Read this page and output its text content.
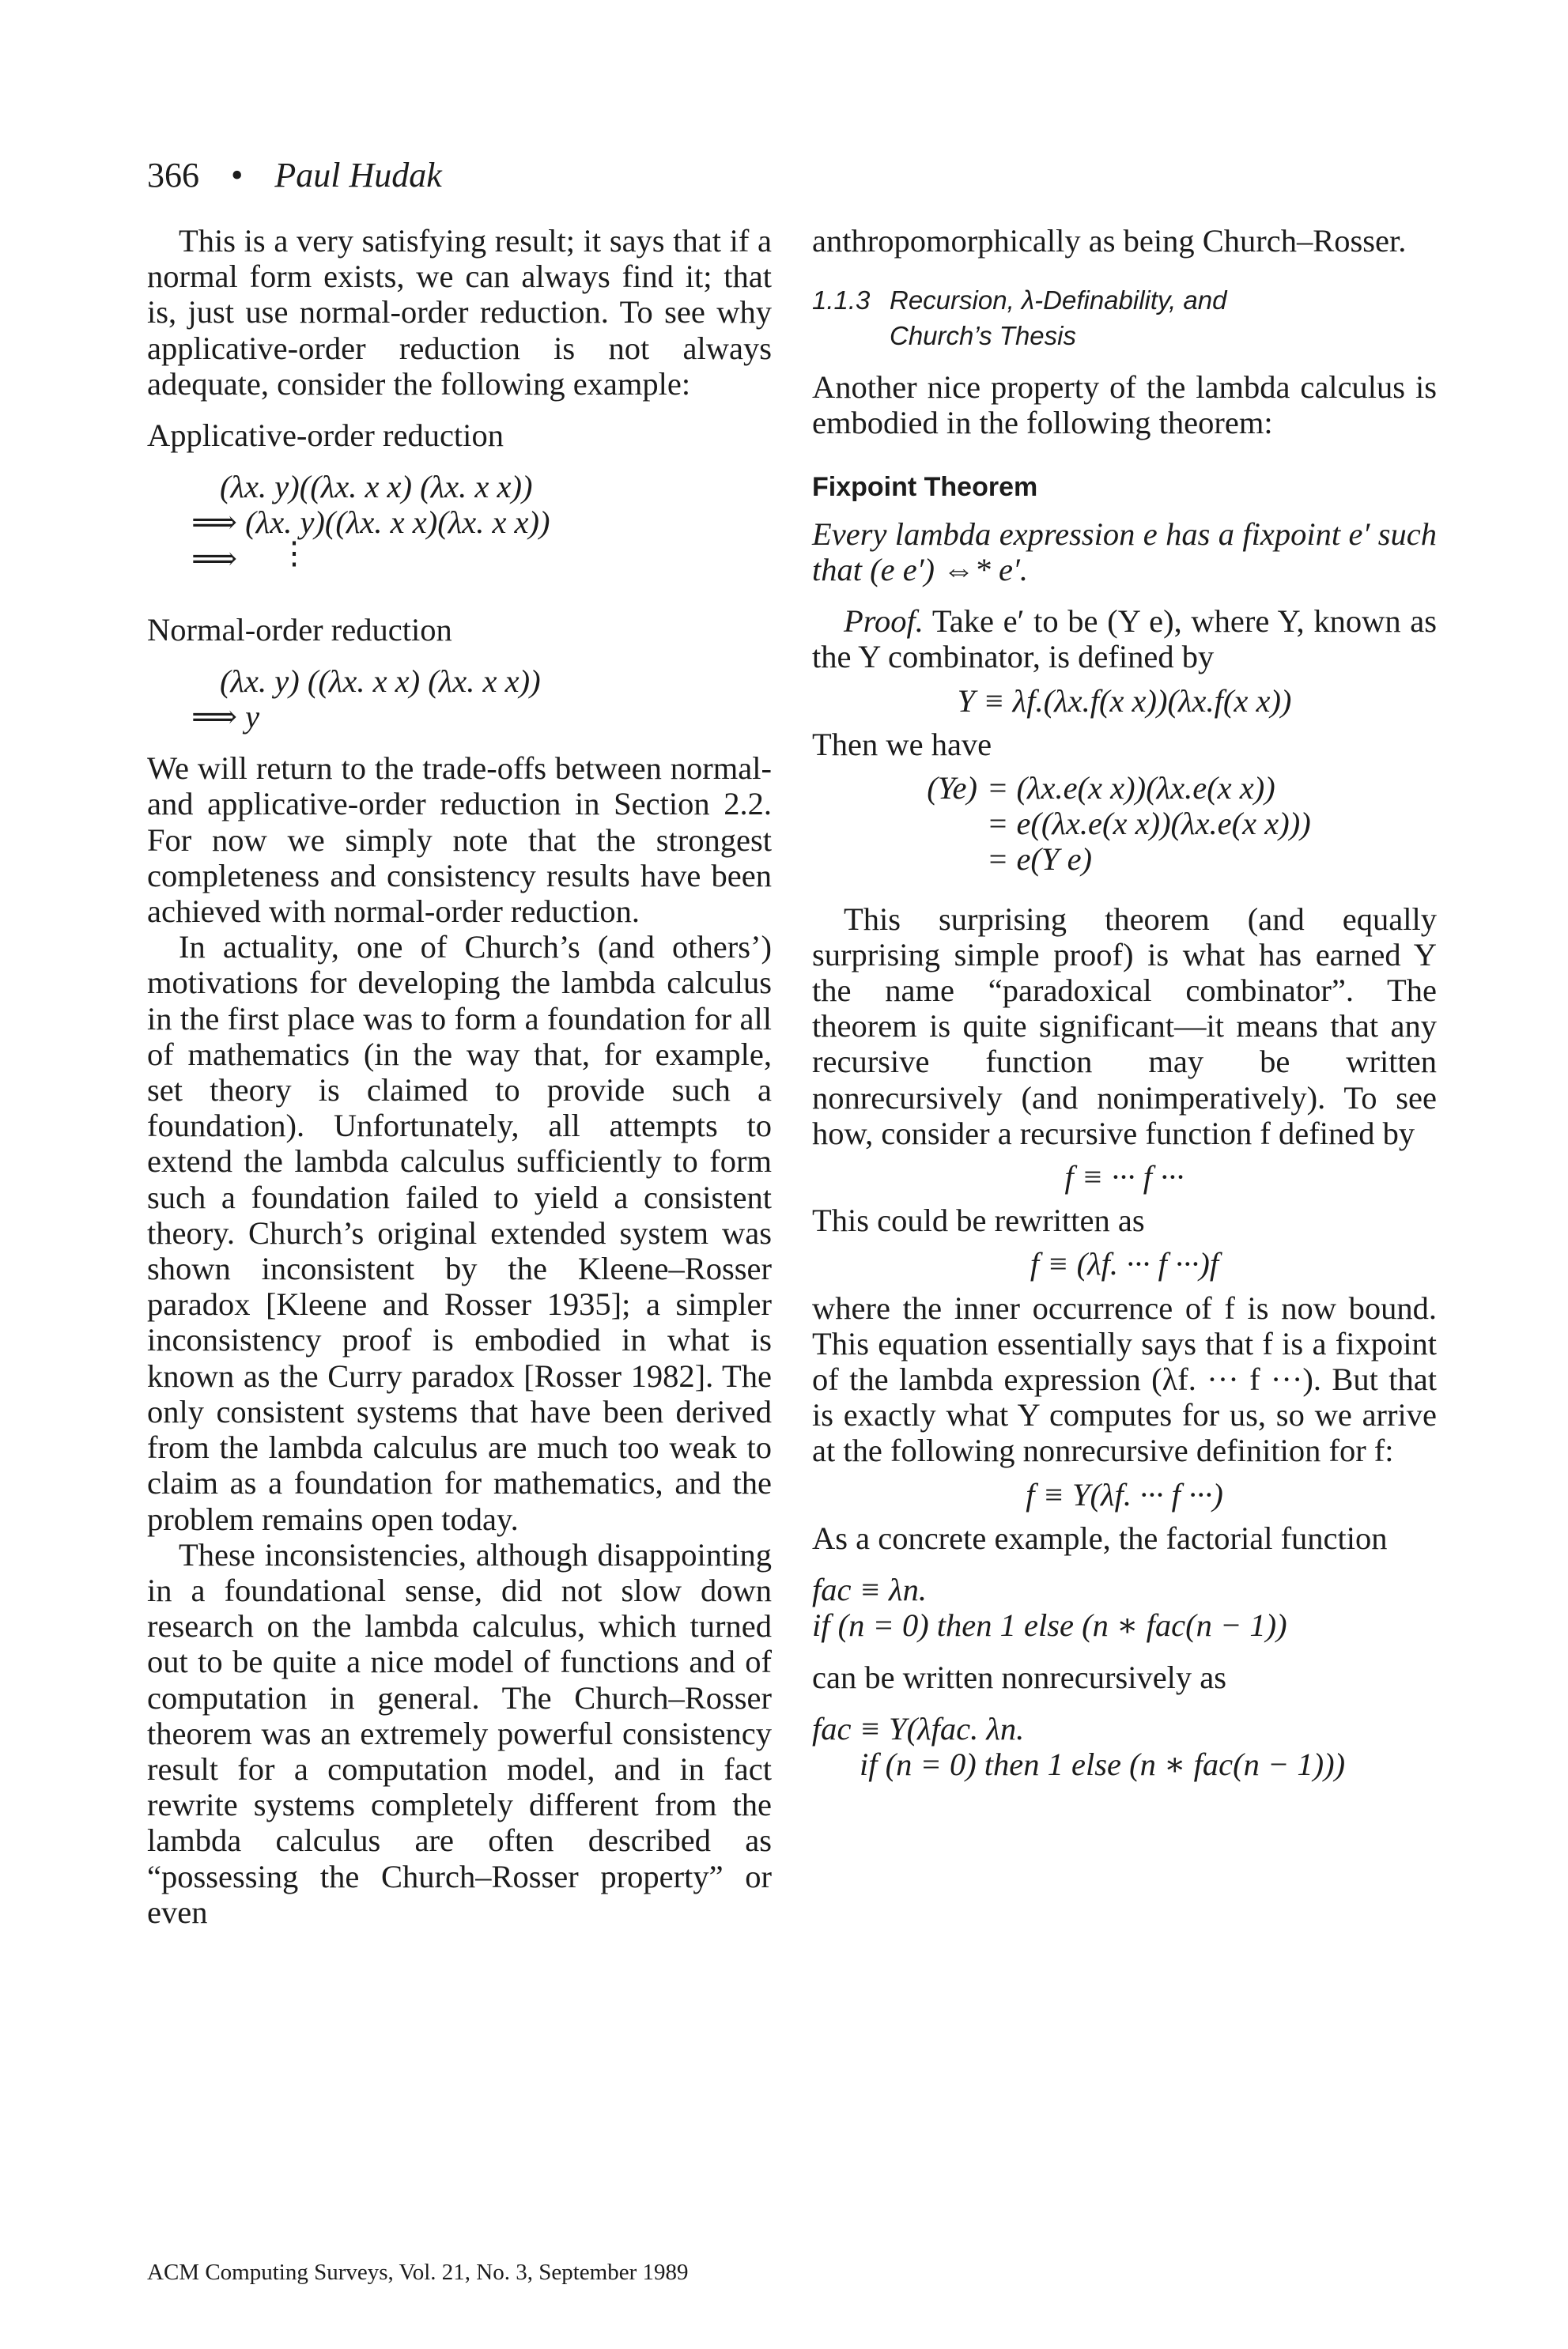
366 • Paul Hudak

This is a very satisfying result; it says that if a normal form exists, we can always find it; that is, just use normal-order reduction. To see why applicative-order reduction is not always adequate, consider the following example:

Applicative-order reduction
(λx. y)((λx. x x) (λx. x x))
⟹ (λx. y)((λx. x x)(λx. x x))
⟹ ⋮
Normal-order reduction
(λx. y) ((λx. x x) (λx. x x))
⟹ y

We will return to the trade-offs between normal- and applicative-order reduction in Section 2.2. For now we simply note that the strongest completeness and consistency results have been achieved with normal-order reduction.

In actuality, one of Church’s (and others’) motivations for developing the lambda calculus in the first place was to form a foundation for all of mathematics (in the way that, for example, set theory is claimed to provide such a foundation). Unfortunately, all attempts to extend the lambda calculus sufficiently to form such a foundation failed to yield a consistent theory. Church’s original extended system was shown inconsistent by the Kleene–Rosser paradox [Kleene and Rosser 1935]; a simpler inconsistency proof is embodied in what is known as the Curry paradox [Rosser 1982]. The only consistent systems that have been derived from the lambda calculus are much too weak to claim as a foundation for mathematics, and the problem remains open today.

These inconsistencies, although disappointing in a foundational sense, did not slow down research on the lambda calculus, which turned out to be quite a nice model of functions and of computation in general. The Church–Rosser theorem was an extremely powerful consistency result for a computation model, and in fact rewrite systems completely different from the lambda calculus are often described as “possessing the Church–Rosser property” or even

anthropomorphically as being Church–Rosser.

1.1.3 Recursion, λ-Definability, and
Church’s Thesis

Another nice property of the lambda calculus is embodied in the following theorem:

Fixpoint Theorem

Every lambda expression e has a fixpoint e′ such that (e e′) ⇔* e′.

Proof. Take e′ to be (Y e), where Y, known as the Y combinator, is defined by

Y ≡ λf.(λx.f(x x))(λx.f(x x))
Then we have
(Ye) = (λx.e(x x))(λx.e(x x))
= e((λx.e(x x))(λx.e(x x)))
= e(Y e)

This surprising theorem (and equally surprising simple proof) is what has earned Y the name “paradoxical combinator”. The theorem is quite significant—it means that any recursive function may be written nonrecursively (and nonimperatively). To see how, consider a recursive function f defined by

f ≡ ··· f ···
This could be rewritten as
f ≡ (λf. ··· f ···)f

where the inner occurrence of f is now bound. This equation essentially says that f is a fixpoint of the lambda expression (λf. ··· f ···). But that is exactly what Y computes for us, so we arrive at the following nonrecursive definition for f:

f ≡ Y(λf. ··· f ···)

As a concrete example, the factorial function

fac ≡ λn.
if (n = 0) then 1 else (n ∗ fac(n − 1))
can be written nonrecursively as
fac ≡ Y(λfac. λn.
if (n = 0) then 1 else (n ∗ fac(n − 1)))
ACM Computing Surveys, Vol. 21, No. 3, September 1989
